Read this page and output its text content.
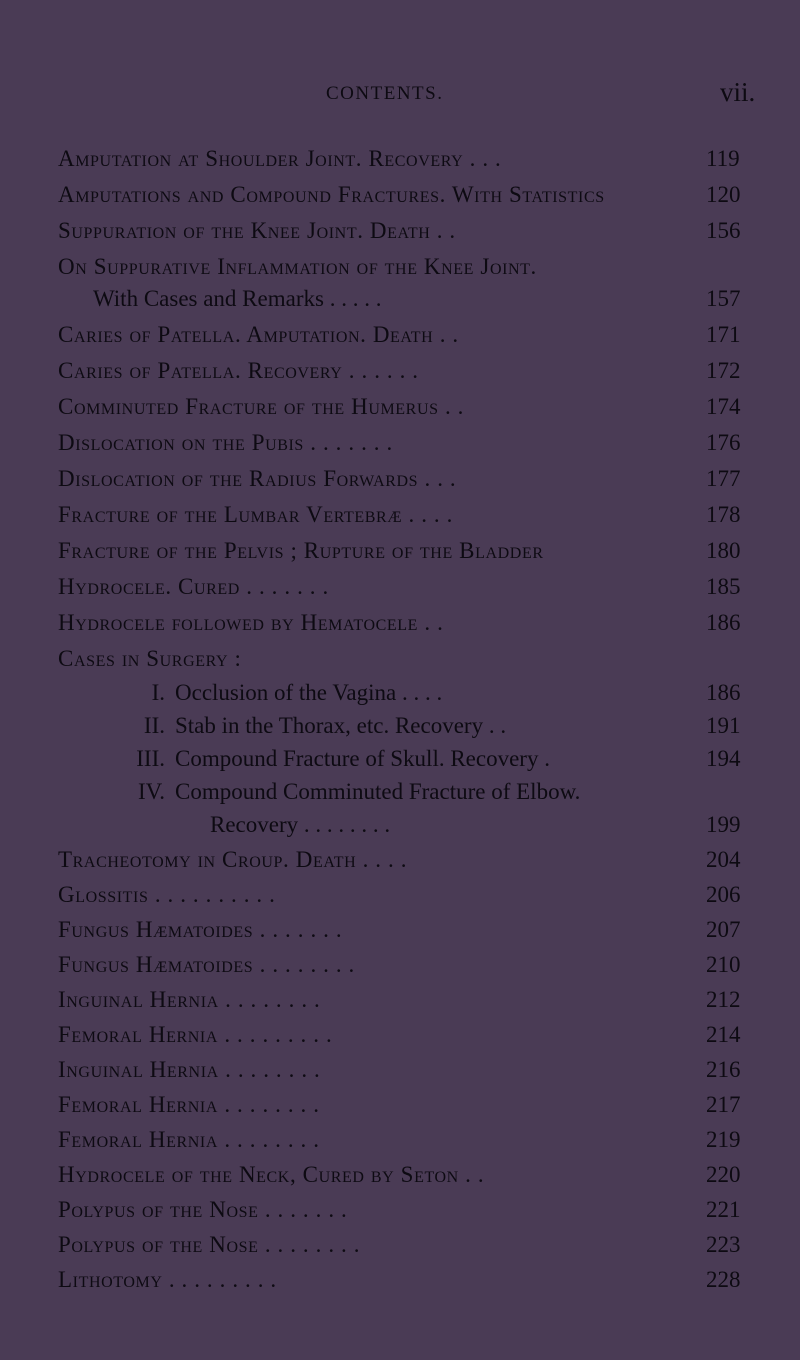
CONTENTS.	vii.
Amputation at Shoulder Joint. Recovery . . .	119
Amputations and Compound Fractures. With Statistics	120
Suppuration of the Knee Joint. Death . .	156
On Suppurative Inflammation of the Knee Joint.
With Cases and Remarks . . . . .	157
Caries of Patella. Amputation. Death . .	171
Caries of Patella. Recovery . . . . . .	172
Comminuted Fracture of the Humerus . .	174
Dislocation on the Pubis . . . . . . .	176
Dislocation of the Radius Forwards . . .	177
Fracture of the Lumbar Vertebræ . . . .	178
Fracture of the Pelvis ; Rupture of the Bladder	180
Hydrocele. Cured . . . . . . .	185
Hydrocele followed by Hematocele . .	186
Cases in Surgery :
I. Occlusion of the Vagina . . . .	186
II. Stab in the Thorax, etc. Recovery . .	191
III. Compound Fracture of Skull. Recovery .	194
IV. Compound Comminuted Fracture of Elbow.
Recovery . . . . . . . .	199
Tracheotomy in Croup. Death . . . .	204
Glossitis . . . . . . . . . .	206
Fungus Hæmatoides . . . . . . .	207
Fungus Hæmatoides . . . . . . . .	210
Inguinal Hernia . . . . . . . .	212
Femoral Hernia . . . . . . . . .	214
Inguinal Hernia . . . . . . . .	216
Femoral Hernia . . . . . . . .	217
Femoral Hernia . . . . . . . .	219
Hydrocele of the Neck, Cured by Seton . .	220
Polypus of the Nose . . . . . . .	221
Polypus of the Nose . . . . . . . .	223
Lithotomy . . . . . . . . .	228
